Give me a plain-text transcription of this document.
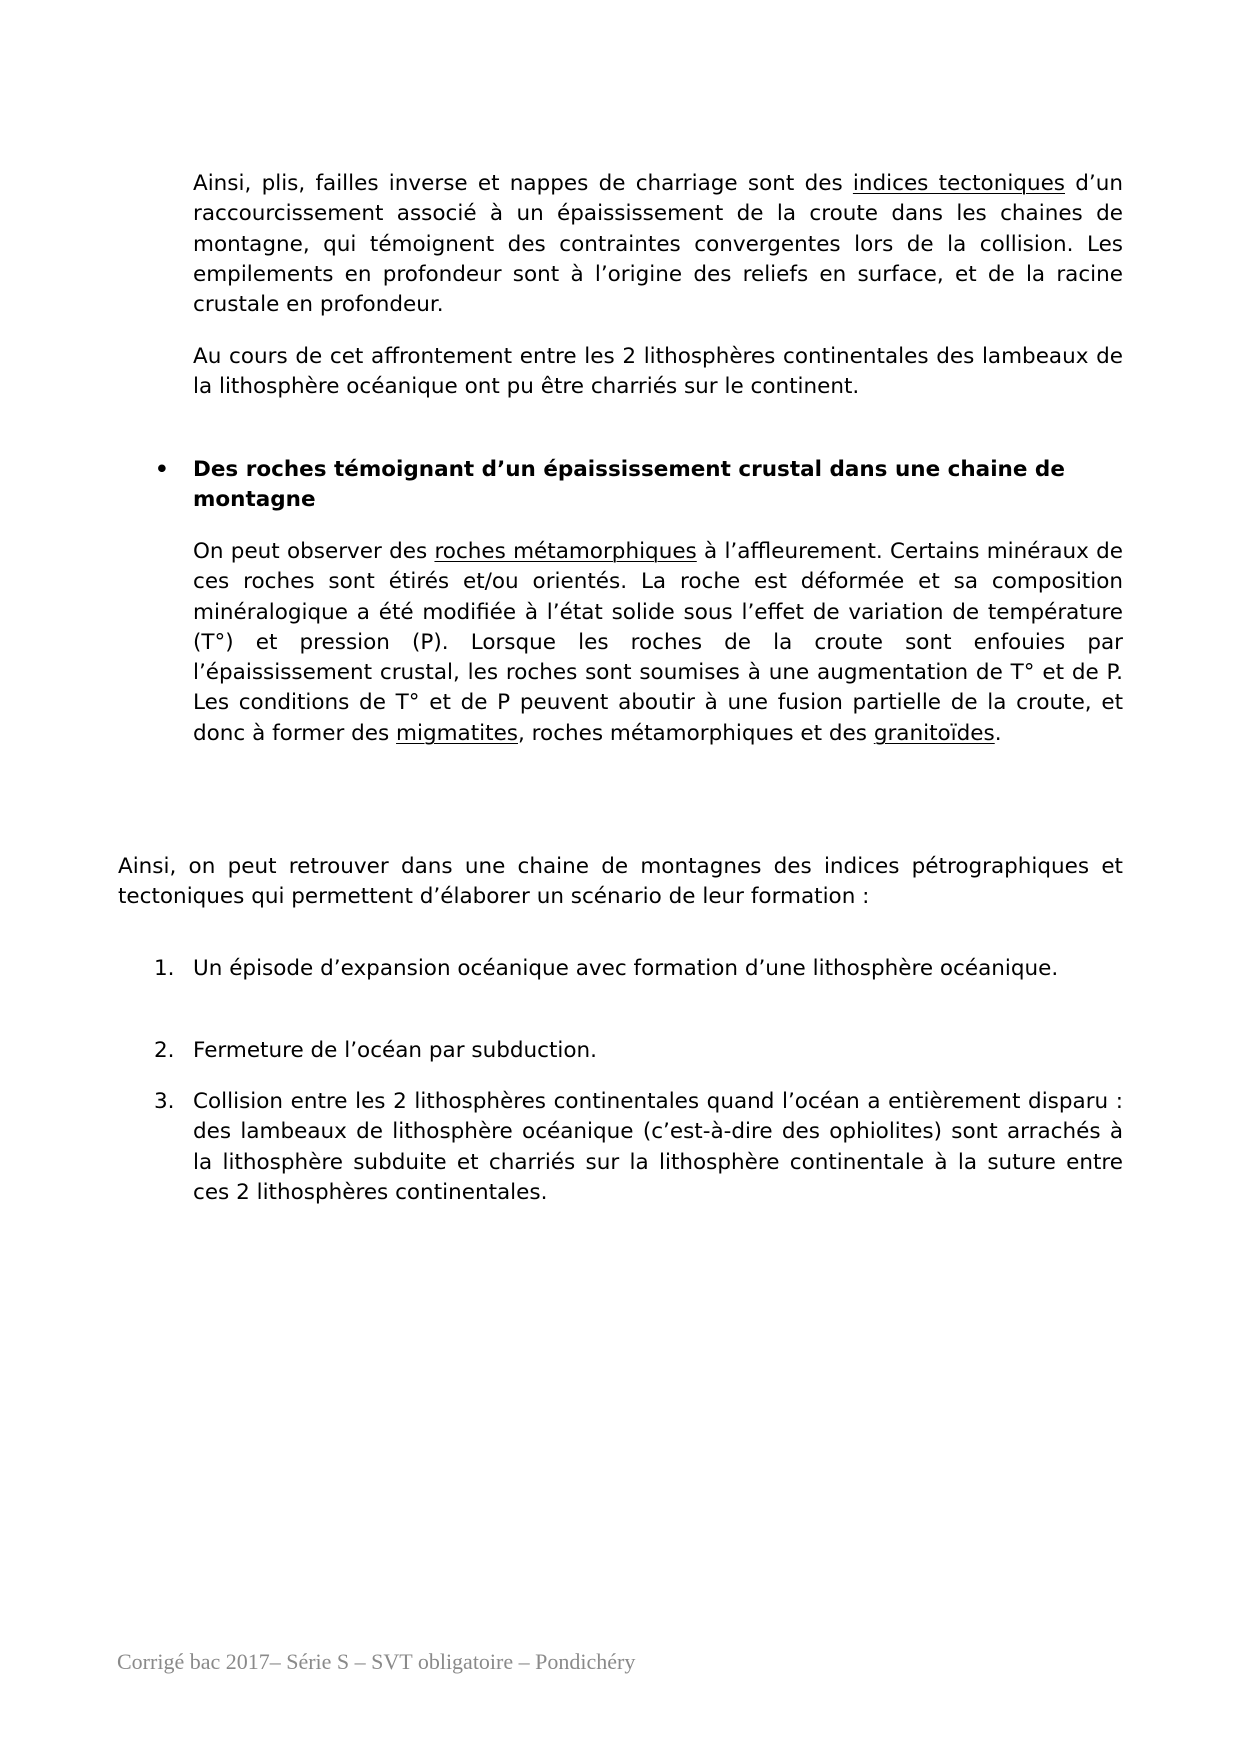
Ainsi, plis, failles inverse et nappes de charriage sont des indices tectoniques d’un raccourcissement associé à un épaississement de la croute dans les chaines de montagne, qui témoignent des contraintes convergentes lors de la collision. Les empilements en profondeur sont à l’origine des reliefs en surface, et de la racine crustale en profondeur.

Au cours de cet affrontement entre les 2 lithosphères continentales des lambeaux de la lithosphère océanique ont pu être charriés sur le continent.

• Des roches témoignant d’un épaississement crustal dans une chaine de montagne

On peut observer des roches métamorphiques à l’affleurement. Certains minéraux de ces roches sont étirés et/ou orientés. La roche est déformée et sa composition minéralogique a été modifiée à l’état solide sous l’effet de variation de température (T°) et pression (P). Lorsque les roches de la croute sont enfouies par l’épaississement crustal, les roches sont soumises à une augmentation de T° et de P. Les conditions de T° et de P peuvent aboutir à une fusion partielle de la croute, et donc à former des migmatites, roches métamorphiques et des granitoïdes.

Ainsi, on peut retrouver dans une chaine de montagnes des indices pétrographiques et tectoniques qui permettent d’élaborer un scénario de leur formation :

1. Un épisode d’expansion océanique avec formation d’une lithosphère océanique.

2. Fermeture de l’océan par subduction.

3. Collision entre les 2 lithosphères continentales quand l’océan a entièrement disparu : des lambeaux de lithosphère océanique (c’est-à-dire des ophiolites) sont arrachés à la lithosphère subduite et charriés sur la lithosphère continentale à la suture entre ces 2 lithosphères continentales.

Corrigé bac 2017– Série S – SVT obligatoire – Pondichéry
